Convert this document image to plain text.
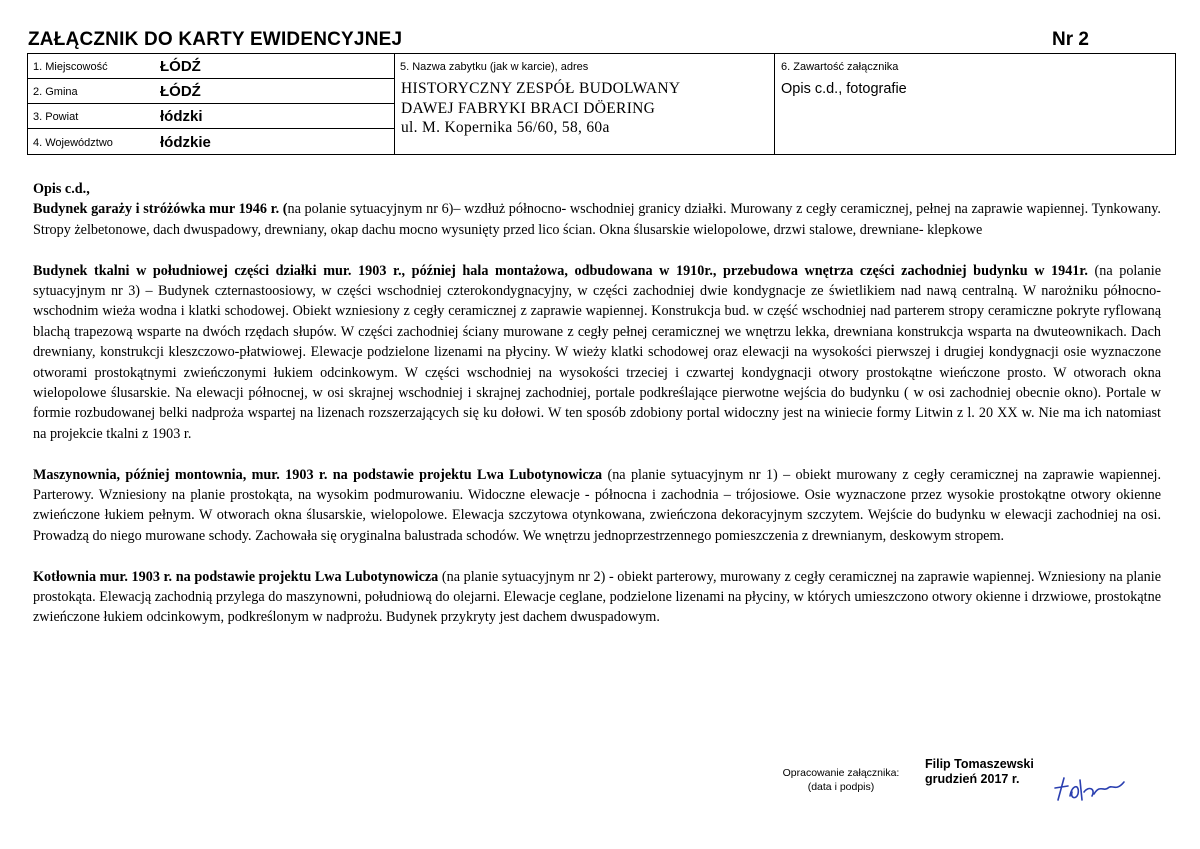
ZAŁĄCZNIK DO KARTY EWIDENCYJNEJ	Nr 2
1. Miejscowość	ŁÓDŹ
2. Gmina	ŁÓDŹ
3. Powiat	łódzki
4. Województwo	łódzkie
5. Nazwa zabytku (jak w karcie), adres
HISTORYCZNY ZESPÓŁ BUDOLWANY
DAWEJ FABRYKI BRACI DÖERING
ul. M. Kopernika 56/60, 58, 60a
6. Zawartość załącznika
Opis c.d., fotografie
Opis c.d.,

Budynek garaży i stróżówka mur 1946 r. (na polanie sytuacyjnym nr 6)– wzdłuż północno- wschodniej granicy działki. Murowany z cegły ceramicznej, pełnej na zaprawie wapiennej. Tynkowany. Stropy żelbetonowe, dach dwuspadowy, drewniany, okap dachu mocno wysunięty przed lico ścian. Okna ślusarskie wielopolowe, drzwi stalowe, drewniane- klepkowe

Budynek tkalni w południowej części działki mur. 1903 r., później hala montażowa, odbudowana w 1910r., przebudowa wnętrza części zachodniej budynku w 1941r. (na polanie sytuacyjnym nr 3) – Budynek czternastoosiowy, w części wschodniej czterokondygnacyjny, w części zachodniej dwie kondygnacje ze świetlikiem nad nawą centralną. W narożniku północno-wschodnim wieża wodna i klatki schodowej. Obiekt wzniesiony z cegły ceramicznej z zaprawie wapiennej. Konstrukcja bud. w część wschodniej nad parterem stropy ceramiczne pokryte ryflowaną blachą trapezową wsparte na dwóch rzędach słupów. W części zachodniej ściany murowane z cegły pełnej ceramicznej we wnętrzu lekka, drewniana konstrukcja wsparta na dwuteownikach. Dach drewniany, konstrukcji kleszczowo-płatwiowej. Elewacje podzielone lizenami na płyciny. W wieży klatki schodowej oraz elewacji na wysokości pierwszej i drugiej kondygnacji osie wyznaczone otworami prostokątnymi zwieńczonymi łukiem odcinkowym. W części wschodniej na wysokości trzeciej i czwartej kondygnacji otwory prostokątne wieńczone prosto. W otworach okna wielopolowe ślusarskie. Na elewacji północnej, w osi skrajnej wschodniej i skrajnej zachodniej, portale podkreślające pierwotne wejścia do budynku ( w osi zachodniej obecnie okno). Portale w formie rozbudowanej belki nadproża wspartej na lizenach rozszerzających się ku dołowi. W ten sposób zdobiony portal widoczny jest na winiecie formy Litwin z l. 20 XX w. Nie ma ich natomiast na projekcie tkalni z 1903 r.

Maszynownia, później montownia, mur. 1903 r. na podstawie projektu Lwa Lubotynowicza (na planie sytuacyjnym nr 1) – obiekt murowany z cegły ceramicznej na zaprawie wapiennej. Parterowy. Wzniesiony na planie prostokąta, na wysokim podmurowaniu. Widoczne elewacje - północna i zachodnia – trójosiowe. Osie wyznaczone przez wysokie prostokątne otwory okienne zwieńczone łukiem pełnym. W otworach okna ślusarskie, wielopolowe. Elewacja szczytowa otynkowana, zwieńczona dekoracyjnym szczytem. Wejście do budynku w elewacji zachodniej na osi. Prowadzą do niego murowane schody. Zachowała się oryginalna balustrada schodów. We wnętrzu jednoprzestrzennego pomieszczenia z drewnianym, deskowym stropem.

Kotłownia mur. 1903 r. na podstawie projektu Lwa Lubotynowicza (na planie sytuacyjnym nr 2) - obiekt parterowy, murowany z cegły ceramicznej na zaprawie wapiennej. Wzniesiony na planie prostokąta. Elewacją zachodnią przylega do maszynowni, południową do olejarni. Elewacje ceglane, podzielone lizenami na płyciny, w których umieszczono otwory okienne i drzwiowe, prostokątne zwieńczone łukiem odcinkowym, podkreślonym w nadprożu. Budynek przykryty jest dachem dwuspadowym.

Opracowanie załącznika:
(data i podpis)
Filip Tomaszewski
grudzień 2017 r.
